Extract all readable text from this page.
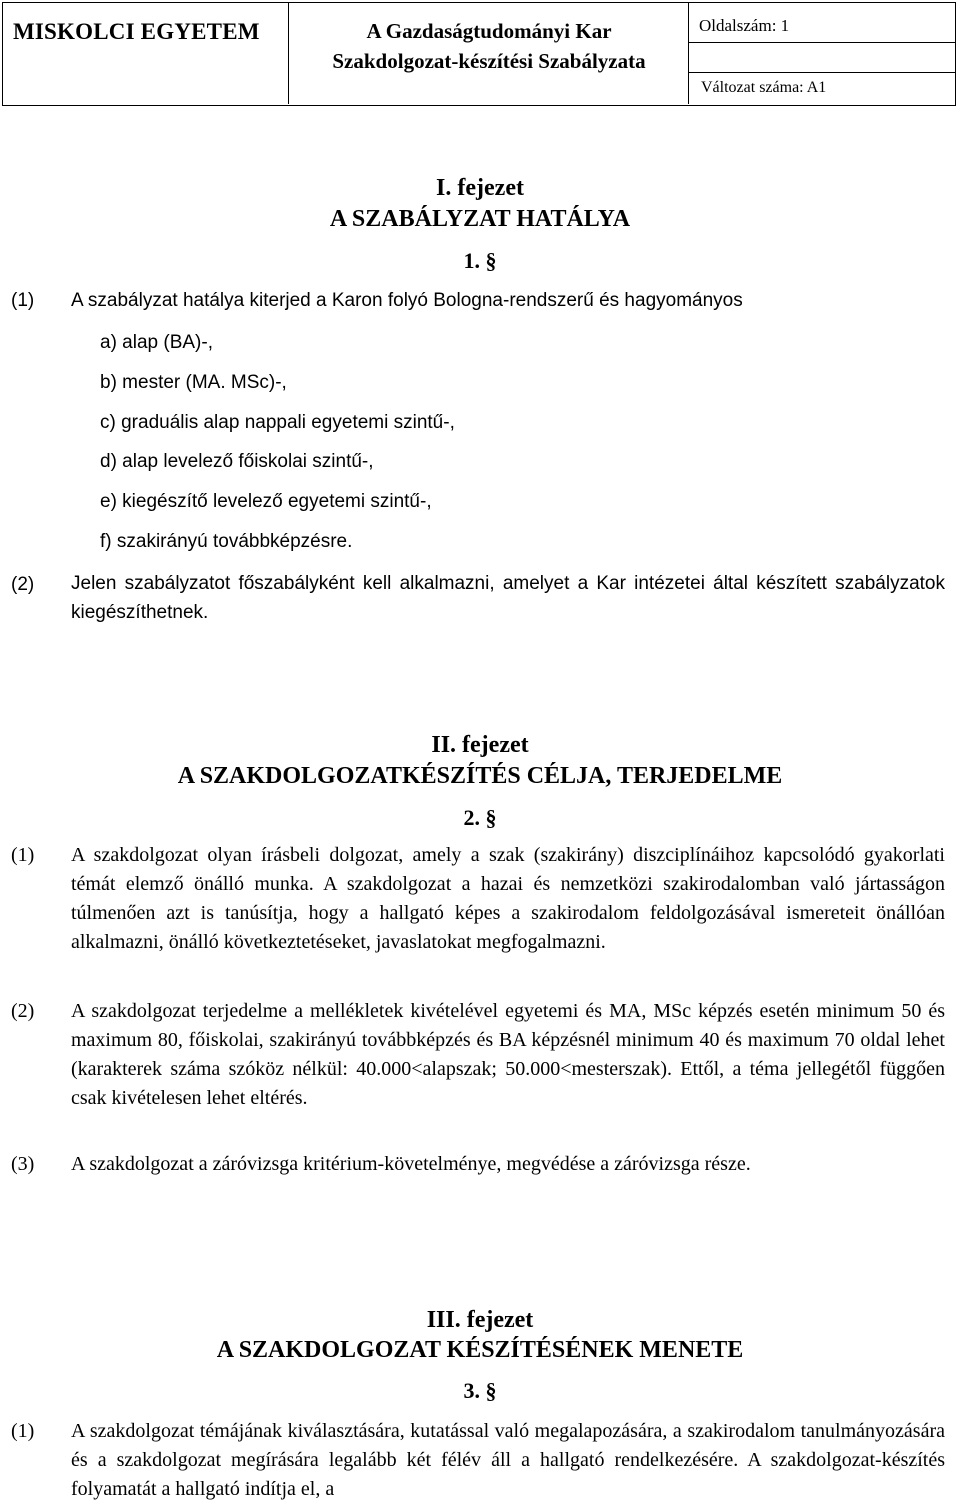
MISKOLCI EGYETEM	A Gazdaságtudományi Kar
Szakdolgozat-készítési Szabályzata
Oldalszám: 1
Változat száma: A1
I. fejezet
A SZABÁLYZAT HATÁLYA
1. §
(1) A szabályzat hatálya kiterjed a Karon folyó Bologna-rendszerű és hagyományos
a) alap (BA)-,
b) mester (MA. MSc)-,
c) graduális alap nappali egyetemi szintű-,
d) alap levelező főiskolai szintű-,
e) kiegészítő levelező egyetemi szintű-,
f) szakirányú továbbképzésre.
(2) Jelen szabályzatot főszabályként kell alkalmazni, amelyet a Kar intézetei által készített szabályzatok kiegészíthetnek.
II. fejezet
A SZAKDOLGOZATKÉSZÍTÉS CÉLJA, TERJEDELME
2. §
(1) A szakdolgozat olyan írásbeli dolgozat, amely a szak (szakirány) diszciplínáihoz kapcsolódó gyakorlati témát elemző önálló munka. A szakdolgozat a hazai és nemzetközi szakirodalomban való jártasságon túlmenően azt is tanúsítja, hogy a hallgató képes a szakirodalom feldolgozásával ismereteit önállóan alkalmazni, önálló következtetéseket, javaslatokat megfogalmazni.
(2) A szakdolgozat terjedelme a mellékletek kivételével egyetemi és MA, MSc képzés esetén minimum 50 és maximum 80, főiskolai, szakirányú továbbképzés és BA képzésnél minimum 40 és maximum 70 oldal lehet (karakterek száma szóköz nélkül: 40.000<alapszak; 50.000<mesterszak). Ettől, a téma jellegétől függően csak kivételesen lehet eltérés.
(3) A szakdolgozat a záróvizsga kritérium-követelménye, megvédése a záróvizsga része.
III. fejezet
A SZAKDOLGOZAT KÉSZÍTÉSÉNEK MENETE
3. §
(1) A szakdolgozat témájának kiválasztására, kutatással való megalapozására, a szakirodalom tanulmányozására és a szakdolgozat megírására legalább két félév áll a hallgató rendelkezésére. A szakdolgozat-készítés folyamatát a hallgató indítja el, a
